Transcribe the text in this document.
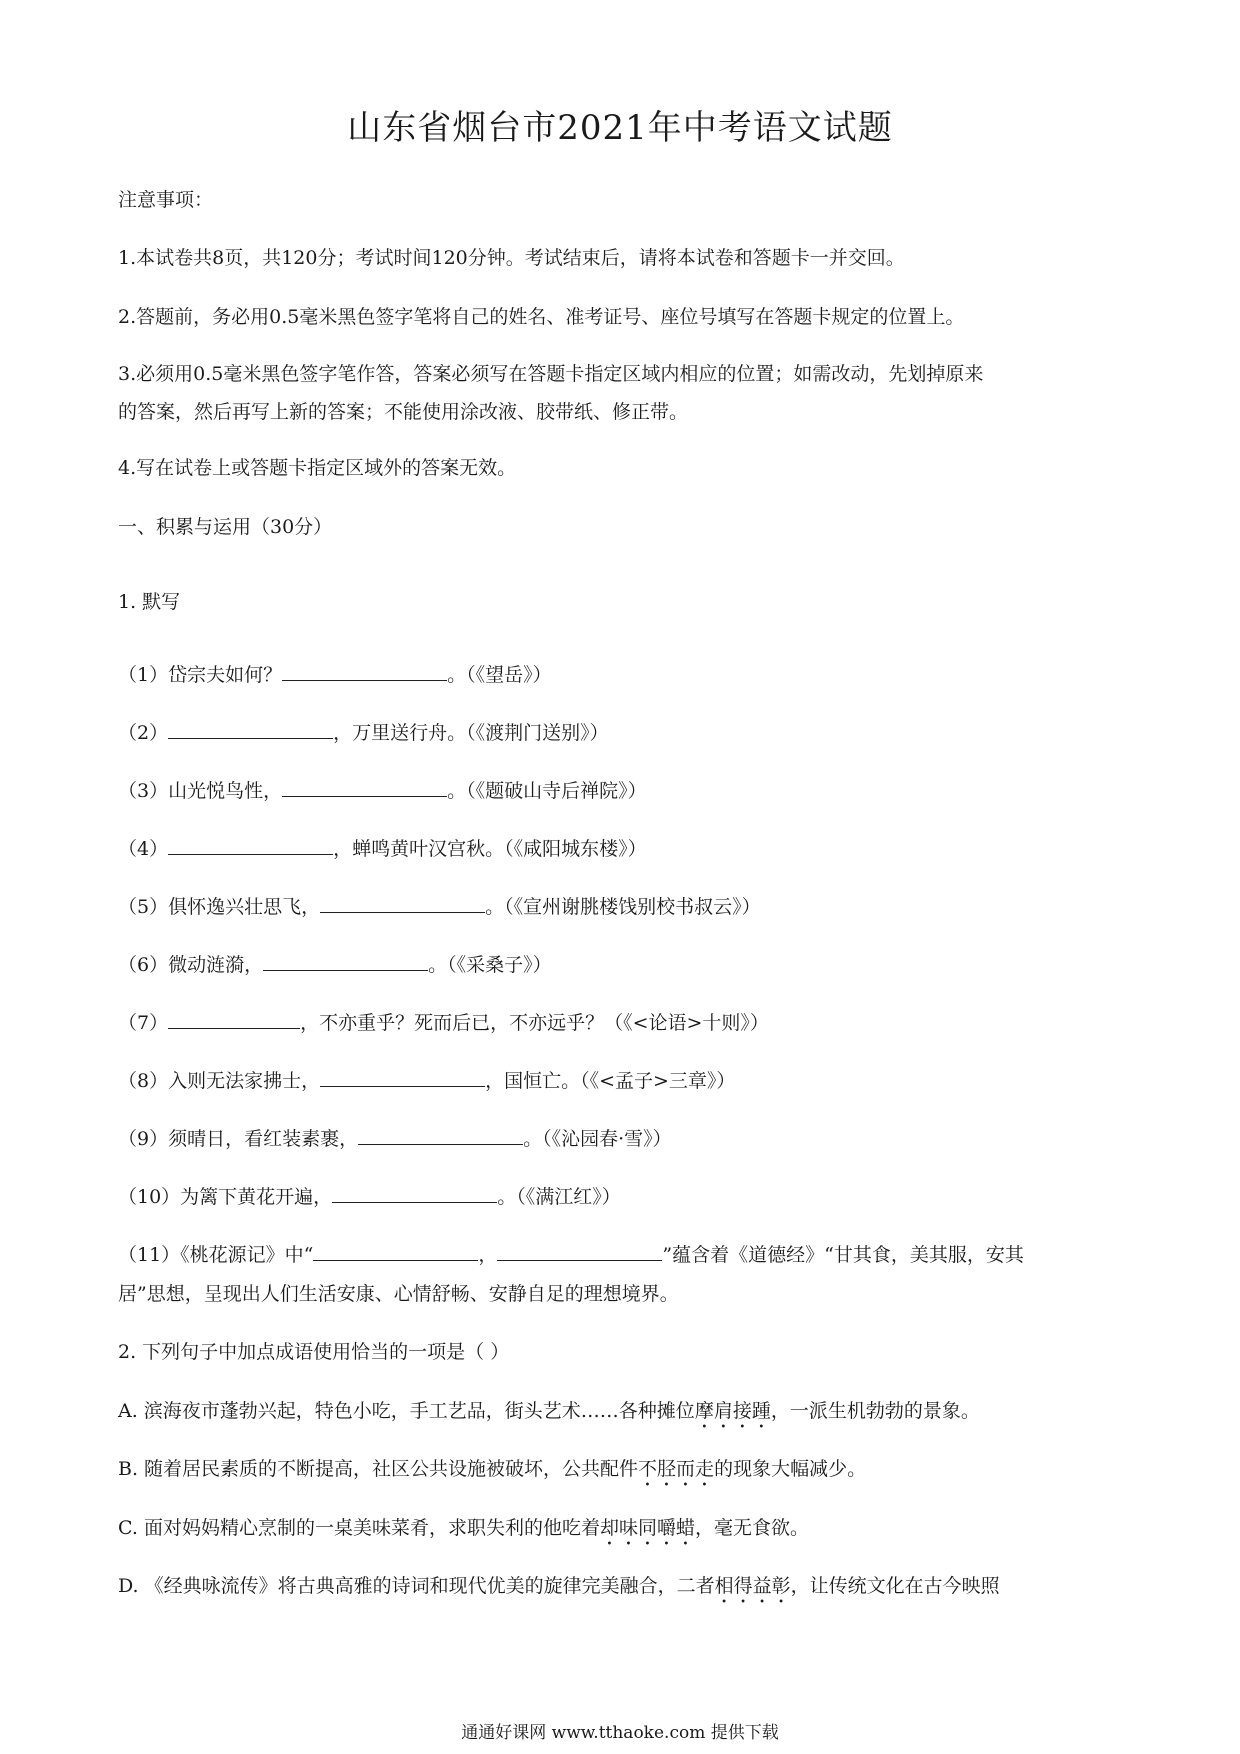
山东省烟台市2021年中考语文试题
注意事项：
1.本试卷共8页，共120分；考试时间120分钟。考试结束后，请将本试卷和答题卡一并交回。
2.答题前，务必用0.5毫米黑色签字笔将自己的姓名、准考证号、座位号填写在答题卡规定的位置上。
3.必须用0.5毫米黑色签字笔作答，答案必须写在答题卡指定区域内相应的位置；如需改动，先划掉原来
的答案，然后再写上新的答案；不能使用涂改液、胶带纸、修正带。
4.写在试卷上或答题卡指定区域外的答案无效。
一、积累与运用（30分）
1. 默写
（1）岱宗夫如何？	。（《望岳》）
（2）	，万里送行舟。（《渡荆门送别》）
（3）山光悦鸟性，	。（《题破山寺后禅院》）
（4）	，蝉鸣黄叶汉宫秋。（《咸阳城东楼》）
（5）俱怀逸兴壮思飞，	。（《宣州谢朓楼饯别校书叔云》）
（6）微动涟漪，	。（《采桑子》）
（7）	，不亦重乎？死而后已，不亦远乎？（《<论语>十则》）
（8）入则无法家拂士，	，国恒亡。（《<孟子>三章》）
（9）须晴日，看红装素裹，	。（《沁园春·雪》）
（10）为篱下黄花开遍，	。（《满江红》）
（11）《桃花源记》中“	，	”蕴含着《道德经》“甘其食，美其服，安其
居”思想，呈现出人们生活安康、心情舒畅、安静自足的理想境界。
2. 下列句子中加点成语使用恰当的一项是（ ）
A. 滨海夜市蓬勃兴起，特色小吃，手工艺品，街头艺术……各种摊位摩肩接踵，一派生机勃勃的景象。
B. 随着居民素质的不断提高，社区公共设施被破坏，公共配件不胫而走的现象大幅减少。
C. 面对妈妈精心烹制的一桌美味菜肴，求职失利的他吃着却味同嚼蜡，毫无食欲。
D. 《经典咏流传》将古典高雅的诗词和现代优美的旋律完美融合，二者相得益彰，让传统文化在古今映照
通通好课网 www.tthaoke.com 提供下载
